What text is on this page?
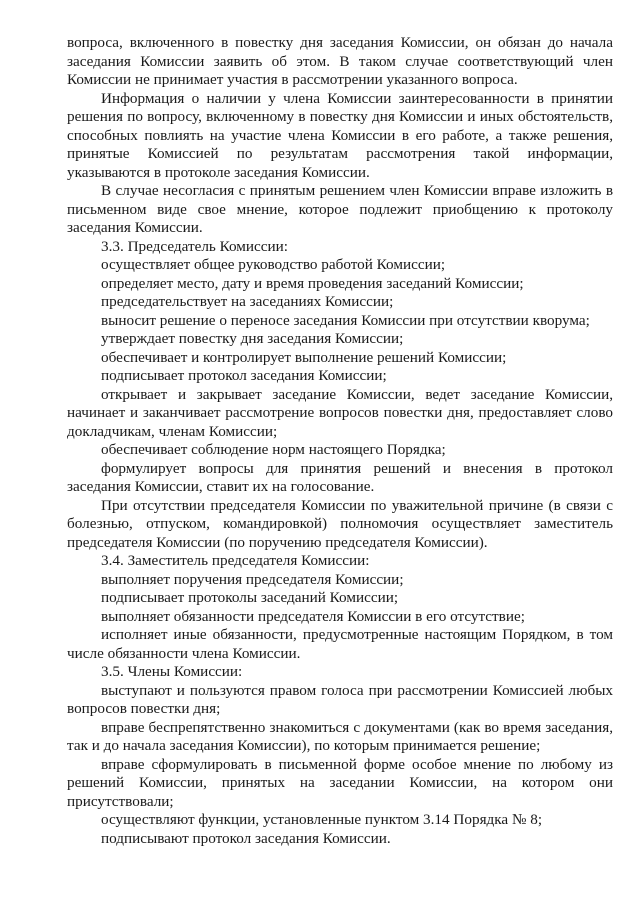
вопроса, включенного в повестку дня заседания Комиссии, он обязан до начала заседания Комиссии заявить об этом. В таком случае соответствующий член Комиссии не принимает участия в рассмотрении указанного вопроса.

Информация о наличии у члена Комиссии заинтересованности в принятии решения по вопросу, включенному в повестку дня Комиссии и иных обстоятельств, способных повлиять на участие члена Комиссии в его работе, а также решения, принятые Комиссией по результатам рассмотрения такой информации, указываются в протоколе заседания Комиссии.

В случае несогласия с принятым решением член Комиссии вправе изложить в письменном виде свое мнение, которое подлежит приобщению к протоколу заседания Комиссии.

3.3. Председатель Комиссии:

осуществляет общее руководство работой Комиссии;

определяет место, дату и время проведения заседаний Комиссии;

председательствует на заседаниях Комиссии;

выносит решение о переносе заседания Комиссии при отсутствии кворума;

утверждает повестку дня заседания Комиссии;

обеспечивает и контролирует выполнение решений Комиссии;

подписывает протокол заседания Комиссии;

открывает и закрывает заседание Комиссии, ведет заседание Комиссии, начинает и заканчивает рассмотрение вопросов повестки дня, предоставляет слово докладчикам, членам Комиссии;

обеспечивает соблюдение норм настоящего Порядка;

формулирует вопросы для принятия решений и внесения в протокол заседания Комиссии, ставит их на голосование.

При отсутствии председателя Комиссии по уважительной причине (в связи с болезнью, отпуском, командировкой) полномочия осуществляет заместитель председателя Комиссии (по поручению председателя Комиссии).

3.4. Заместитель председателя Комиссии:

выполняет поручения председателя Комиссии;

подписывает протоколы заседаний Комиссии;

выполняет обязанности председателя Комиссии в его отсутствие;

исполняет иные обязанности, предусмотренные настоящим Порядком, в том числе обязанности члена Комиссии.

3.5. Члены Комиссии:

выступают и пользуются правом голоса при рассмотрении Комиссией любых вопросов повестки дня;

вправе беспрепятственно знакомиться с документами (как во время заседания, так и до начала заседания Комиссии), по которым принимается решение;

вправе сформулировать в письменной форме особое мнение по любому из решений Комиссии, принятых на заседании Комиссии, на котором они присутствовали;

осуществляют функции, установленные пунктом 3.14 Порядка № 8;

подписывают протокол заседания Комиссии.
